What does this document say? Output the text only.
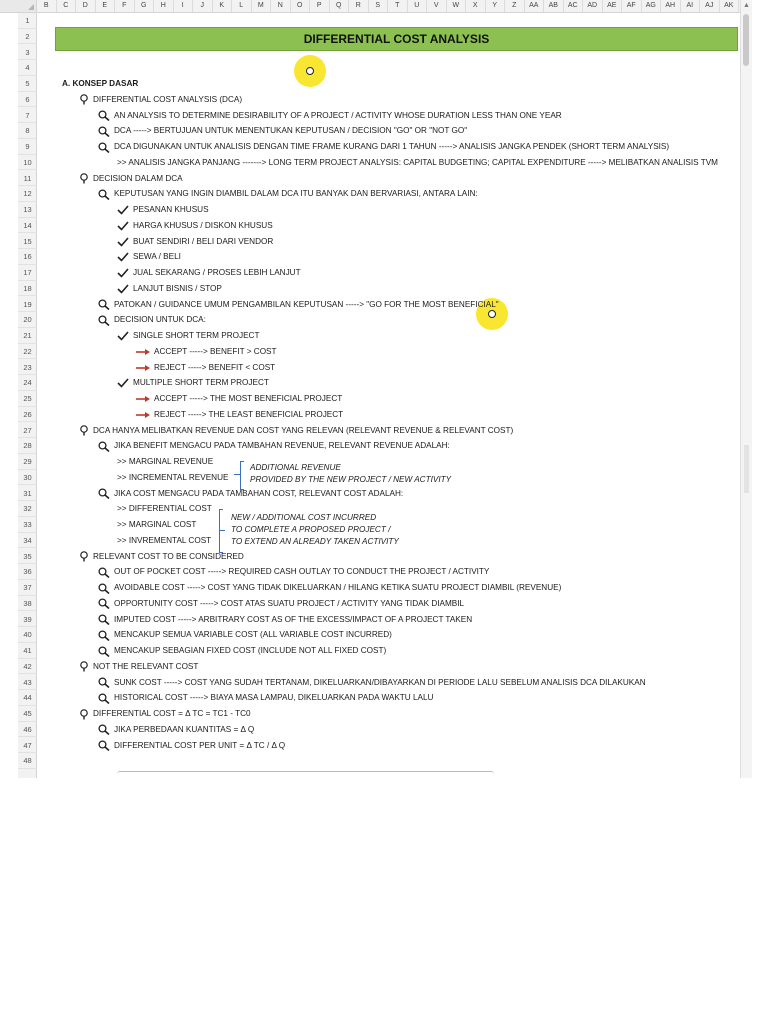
B	C	D	E	F	G	H	I	J	K	L	M	N	O	P	Q	R	S	T	U	V	W	X	Y	Z	AA	AB	AC	AD	AE	AF	AG	AH	AI	AJ	AK
1
2
3
4
5
6
7
8
9
10
11
12
13
14
15
16
17
18
19
20
21
22
23
24
25
26
27
28
29
30
31
32
33
34
35
36
37
38
39
40
41
42
43
44
45
46
47
48
DIFFERENTIAL COST ANALYSIS
A. KONSEP DASAR
DIFFERENTIAL COST ANALYSIS (DCA)
AN ANALYSIS TO DETERMINE DESIRABILITY OF A PROJECT / ACTIVITY WHOSE DURATION LESS THAN ONE YEAR
DCA -----> BERTUJUAN UNTUK MENENTUKAN KEPUTUSAN / DECISION "GO" OR "NOT GO"
DCA DIGUNAKAN UNTUK ANALISIS DENGAN TIME FRAME KURANG DARI 1 TAHUN -----> ANALISIS JANGKA PENDEK (SHORT TERM ANALYSIS)
>> ANALISIS JANGKA PANJANG -------> LONG TERM PROJECT ANALYSIS: CAPITAL BUDGETING; CAPITAL EXPENDITURE -----> MELIBATKAN ANALISIS TVM
DECISION DALAM DCA
KEPUTUSAN YANG INGIN DIAMBIL DALAM DCA ITU BANYAK DAN BERVARIASI, ANTARA LAIN:
PESANAN KHUSUS
HARGA KHUSUS / DISKON KHUSUS
BUAT SENDIRI / BELI DARI VENDOR
SEWA / BELI
JUAL SEKARANG / PROSES LEBIH LANJUT
LANJUT BISNIS / STOP
PATOKAN / GUIDANCE UMUM PENGAMBILAN KEPUTUSAN -----> "GO FOR THE MOST BENEFICIAL"
DECISION UNTUK DCA:
SINGLE SHORT TERM PROJECT
ACCEPT -----> BENEFIT > COST
REJECT -----> BENEFIT < COST
MULTIPLE SHORT TERM PROJECT
ACCEPT -----> THE MOST BENEFICIAL PROJECT
REJECT -----> THE LEAST BENEFICIAL PROJECT
DCA HANYA MELIBATKAN REVENUE DAN COST YANG RELEVAN (RELEVANT REVENUE & RELEVANT COST)
JIKA BENEFIT MENGACU PADA TAMBAHAN REVENUE, RELEVANT REVENUE ADALAH:
>> MARGINAL REVENUE
>> INCREMENTAL REVENUE
JIKA COST MENGACU PADA TAMBAHAN COST, RELEVANT COST ADALAH:
>> DIFFERENTIAL COST
>> MARGINAL COST
>> INVREMENTAL COST
RELEVANT COST TO BE CONSIDERED
OUT OF POCKET COST -----> REQUIRED CASH OUTLAY TO CONDUCT THE PROJECT / ACTIVITY
AVOIDABLE COST -----> COST YANG TIDAK DIKELUARKAN / HILANG KETIKA SUATU PROJECT DIAMBIL (REVENUE)
OPPORTUNITY COST -----> COST ATAS SUATU PROJECT / ACTIVITY YANG TIDAK DIAMBIL
IMPUTED COST -----> ARBITRARY COST AS OF THE EXCESS/IMPACT OF A PROJECT TAKEN
MENCAKUP SEMUA VARIABLE COST (ALL VARIABLE COST INCURRED)
MENCAKUP SEBAGIAN FIXED COST (INCLUDE NOT ALL FIXED COST)
NOT THE RELEVANT COST
SUNK COST -----> COST YANG SUDAH TERTANAM, DIKELUARKAN/DIBAYARKAN DI PERIODE LALU SEBELUM ANALISIS DCA DILAKUKAN
HISTORICAL COST -----> BIAYA MASA LAMPAU, DIKELUARKAN PADA WAKTU LALU
DIFFERENTIAL COST = Δ TC = TC1 - TC0
JIKA PERBEDAAN KUANTITAS = Δ Q
DIFFERENTIAL COST PER UNIT = Δ TC / Δ Q
ADDITIONAL REVENUE
PROVIDED BY THE NEW PROJECT / NEW ACTIVITY
NEW / ADDITIONAL COST INCURRED
TO COMPLETE A PROPOSED PROJECT /
TO EXTEND AN ALREADY TAKEN ACTIVITY
▲
